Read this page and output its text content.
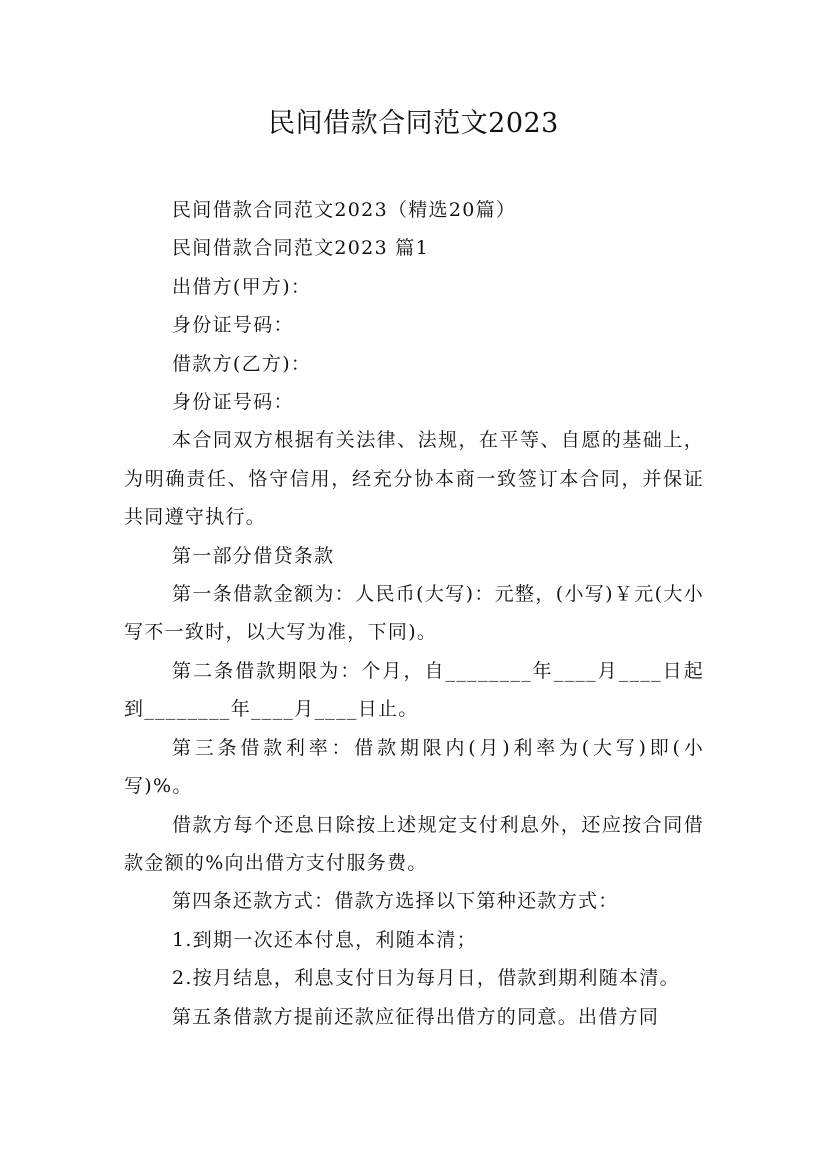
民间借款合同范文2023

民间借款合同范文2023（精选20篇）

民间借款合同范文2023 篇1

出借方(甲方)：

身份证号码：

借款方(乙方)：

身份证号码：

本合同双方根据有关法律、法规，在平等、自愿的基础上，为明确责任、恪守信用，经充分协本商一致签订本合同，并保证共同遵守执行。

第一部分借贷条款

第一条借款金额为：人民币(大写)：元整，(小写)￥元(大小写不一致时，以大写为准，下同)。

第二条借款期限为：个月，自________年____月____日起到________年____月____日止。

第三条借款利率：借款期限内(月)利率为(大写)即(小写)%。

借款方每个还息日除按上述规定支付利息外，还应按合同借款金额的%向出借方支付服务费。

第四条还款方式：借款方选择以下第种还款方式：

1.到期一次还本付息，利随本清；

2.按月结息，利息支付日为每月日，借款到期利随本清。

第五条借款方提前还款应征得出借方的同意。出借方同
